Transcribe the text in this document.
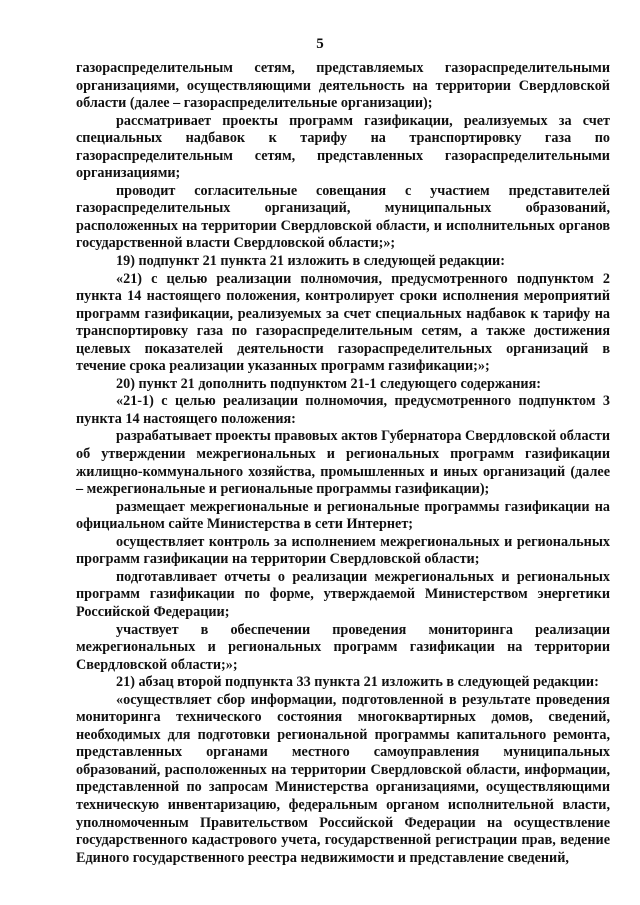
5

газораспределительным сетям, представляемых газораспределительными организациями, осуществляющими деятельность на территории Свердловской области (далее – газораспределительные организации);

рассматривает проекты программ газификации, реализуемых за счет специальных надбавок к тарифу на транспортировку газа по газораспределительным сетям, представленных газораспределительными организациями;

проводит согласительные совещания с участием представителей газораспределительных организаций, муниципальных образований, расположенных на территории Свердловской области, и исполнительных органов государственной власти Свердловской области;»;

19) подпункт 21 пункта 21 изложить в следующей редакции:

«21) с целью реализации полномочия, предусмотренного подпунктом 2 пункта 14 настоящего положения, контролирует сроки исполнения мероприятий программ газификации, реализуемых за счет специальных надбавок к тарифу на транспортировку газа по газораспределительным сетям, а также достижения целевых показателей деятельности газораспределительных организаций в течение срока реализации указанных программ газификации;»;

20) пункт 21 дополнить подпунктом 21-1 следующего содержания:

«21-1) с целью реализации полномочия, предусмотренного подпунктом 3 пункта 14 настоящего положения:

разрабатывает проекты правовых актов Губернатора Свердловской области об утверждении межрегиональных и региональных программ газификации жилищно-коммунального хозяйства, промышленных и иных организаций (далее – межрегиональные и региональные программы газификации);

размещает межрегиональные и региональные программы газификации на официальном сайте Министерства в сети Интернет;

осуществляет контроль за исполнением межрегиональных и региональных программ газификации на территории Свердловской области;

подготавливает отчеты о реализации межрегиональных и региональных программ газификации по форме, утверждаемой Министерством энергетики Российской Федерации;

участвует в обеспечении проведения мониторинга реализации межрегиональных и региональных программ газификации на территории Свердловской области;»;

21) абзац второй подпункта 33 пункта 21 изложить в следующей редакции:

«осуществляет сбор информации, подготовленной в результате проведения мониторинга технического состояния многоквартирных домов, сведений, необходимых для подготовки региональной программы капитального ремонта, представленных органами местного самоуправления муниципальных образований, расположенных на территории Свердловской области, информации, представленной по запросам Министерства организациями, осуществляющими техническую инвентаризацию, федеральным органом исполнительной власти, уполномоченным Правительством Российской Федерации на осуществление государственного кадастрового учета, государственной регистрации прав, ведение Единого государственного реестра недвижимости и представление сведений,
